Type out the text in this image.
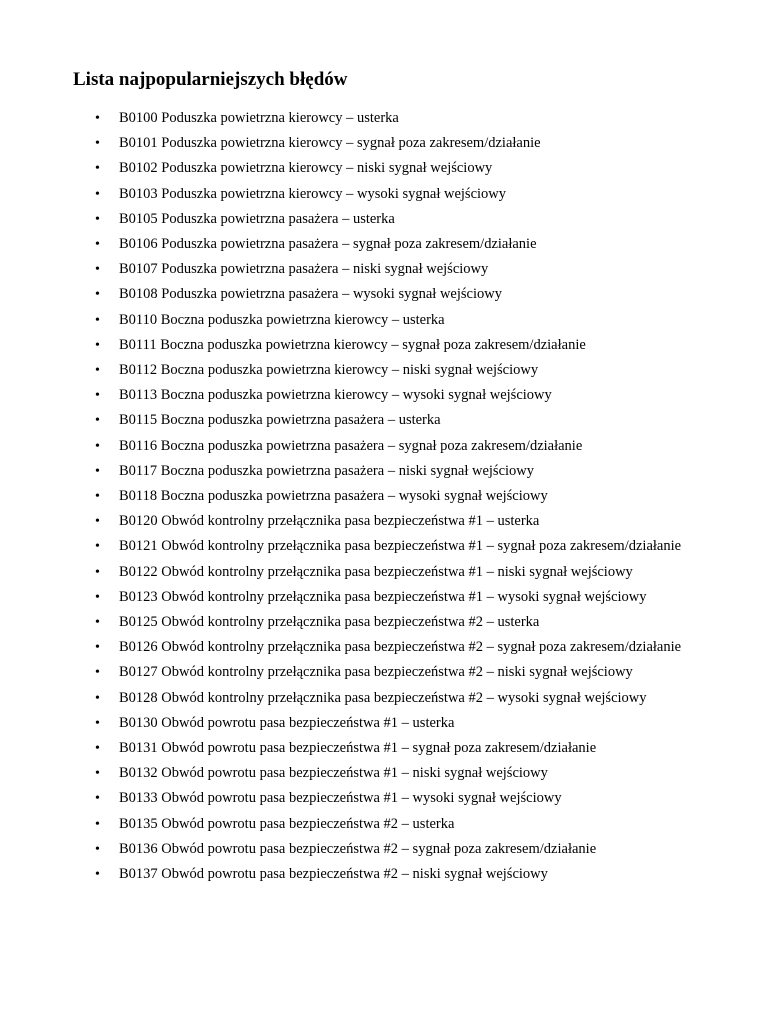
Lista najpopularniejszych błędów
•	B0100 Poduszka powietrzna kierowcy – usterka
•	B0101 Poduszka powietrzna kierowcy – sygnał poza zakresem/działanie
•	B0102 Poduszka powietrzna kierowcy – niski sygnał wejściowy
•	B0103 Poduszka powietrzna kierowcy – wysoki sygnał wejściowy
•	B0105 Poduszka powietrzna pasażera – usterka
•	B0106 Poduszka powietrzna pasażera – sygnał poza zakresem/działanie
•	B0107 Poduszka powietrzna pasażera – niski sygnał wejściowy
•	B0108 Poduszka powietrzna pasażera – wysoki sygnał wejściowy
•	B0110 Boczna poduszka powietrzna kierowcy – usterka
•	B0111 Boczna poduszka powietrzna kierowcy – sygnał poza zakresem/działanie
•	B0112 Boczna poduszka powietrzna kierowcy – niski sygnał wejściowy
•	B0113 Boczna poduszka powietrzna kierowcy – wysoki sygnał wejściowy
•	B0115 Boczna poduszka powietrzna pasażera – usterka
•	B0116 Boczna poduszka powietrzna pasażera – sygnał poza zakresem/działanie
•	B0117 Boczna poduszka powietrzna pasażera – niski sygnał wejściowy
•	B0118 Boczna poduszka powietrzna pasażera – wysoki sygnał wejściowy
•	B0120 Obwód kontrolny przełącznika pasa bezpieczeństwa #1 – usterka
•	B0121 Obwód kontrolny przełącznika pasa bezpieczeństwa #1 – sygnał poza zakresem/działanie
•	B0122 Obwód kontrolny przełącznika pasa bezpieczeństwa #1 – niski sygnał wejściowy
•	B0123 Obwód kontrolny przełącznika pasa bezpieczeństwa #1 – wysoki sygnał wejściowy
•	B0125 Obwód kontrolny przełącznika pasa bezpieczeństwa #2 – usterka
•	B0126 Obwód kontrolny przełącznika pasa bezpieczeństwa #2 – sygnał poza zakresem/działanie
•	B0127 Obwód kontrolny przełącznika pasa bezpieczeństwa #2 – niski sygnał wejściowy
•	B0128 Obwód kontrolny przełącznika pasa bezpieczeństwa #2 – wysoki sygnał wejściowy
•	B0130 Obwód powrotu pasa bezpieczeństwa #1 – usterka
•	B0131 Obwód powrotu pasa bezpieczeństwa #1 – sygnał poza zakresem/działanie
•	B0132 Obwód powrotu pasa bezpieczeństwa #1 – niski sygnał wejściowy
•	B0133 Obwód powrotu pasa bezpieczeństwa #1 – wysoki sygnał wejściowy
•	B0135 Obwód powrotu pasa bezpieczeństwa #2 – usterka
•	B0136 Obwód powrotu pasa bezpieczeństwa #2 – sygnał poza zakresem/działanie
•	B0137 Obwód powrotu pasa bezpieczeństwa #2 – niski sygnał wejściowy
